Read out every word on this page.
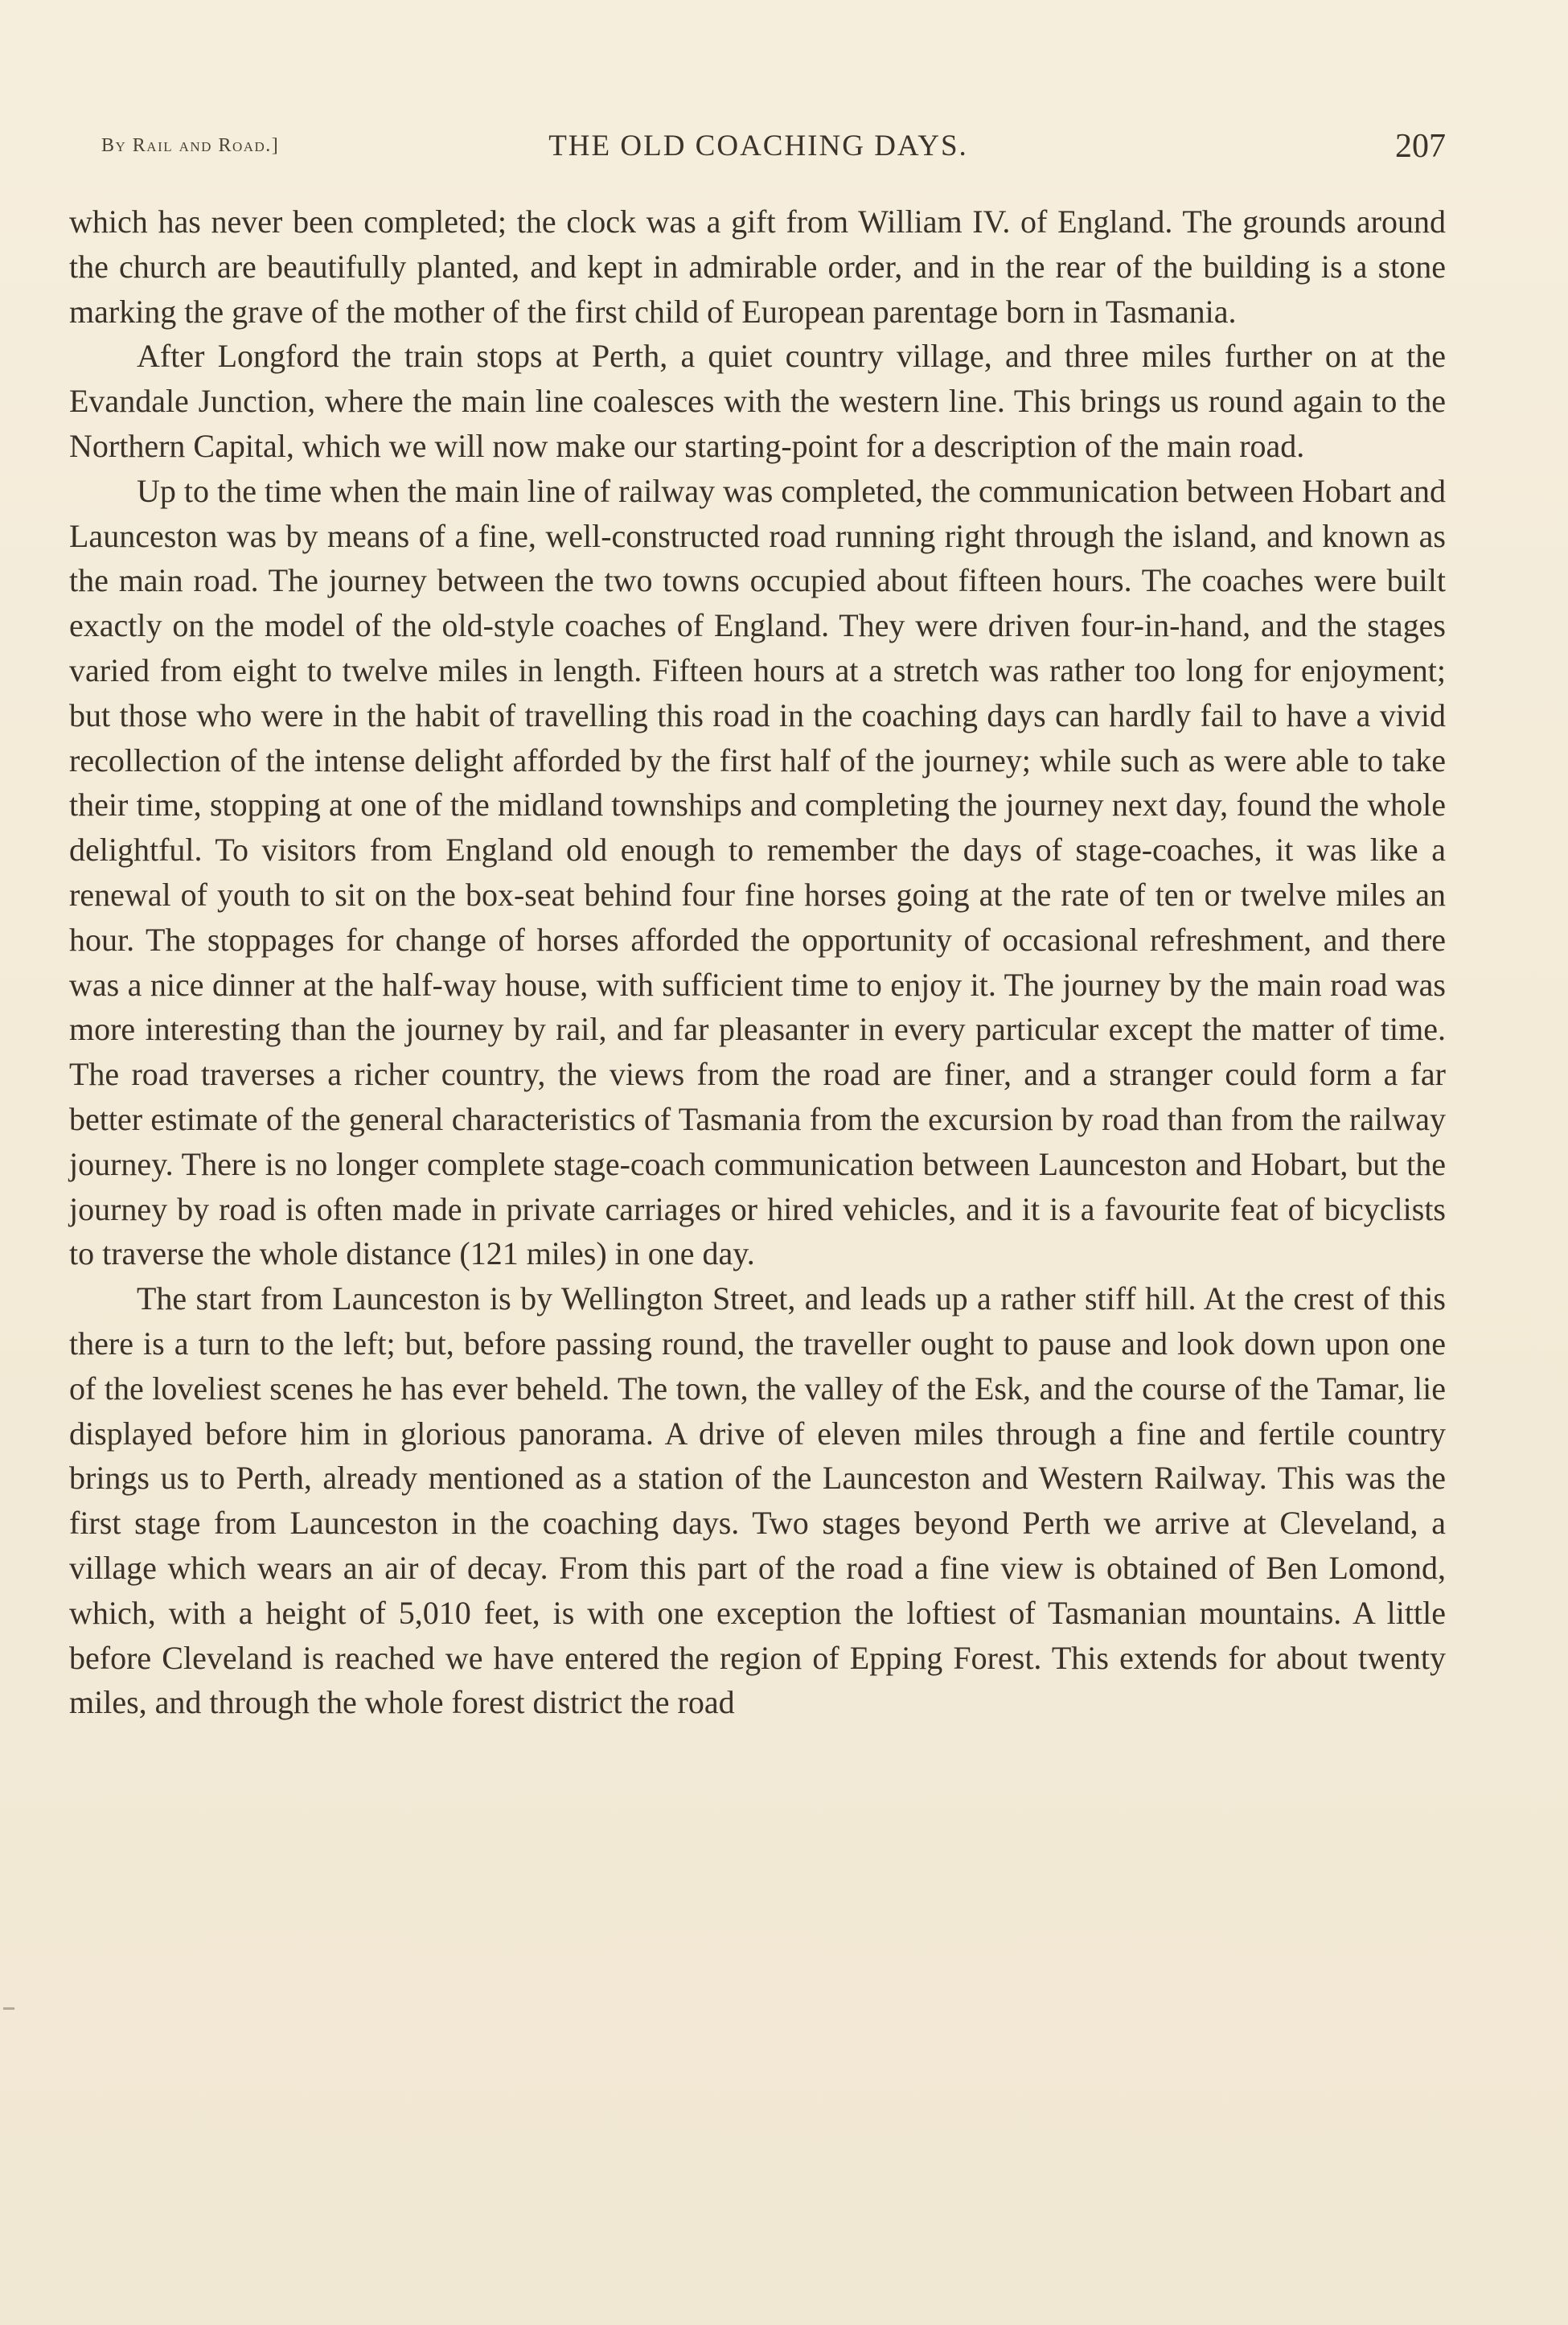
By Rail and Road.]	THE OLD COACHING DAYS.	207

which has never been completed; the clock was a gift from William IV. of England. The grounds around the church are beautifully planted, and kept in admirable order, and in the rear of the building is a stone marking the grave of the mother of the first child of European parentage born in Tasmania.

After Longford the train stops at Perth, a quiet country village, and three miles further on at the Evandale Junction, where the main line coalesces with the western line. This brings us round again to the Northern Capital, which we will now make our starting-point for a description of the main road.

Up to the time when the main line of railway was completed, the communication between Hobart and Launceston was by means of a fine, well-constructed road running right through the island, and known as the main road. The journey between the two towns occupied about fifteen hours. The coaches were built exactly on the model of the old-style coaches of England. They were driven four-in-hand, and the stages varied from eight to twelve miles in length. Fifteen hours at a stretch was rather too long for enjoyment; but those who were in the habit of travelling this road in the coaching days can hardly fail to have a vivid recollection of the intense delight afforded by the first half of the journey; while such as were able to take their time, stopping at one of the midland townships and completing the journey next day, found the whole delightful. To visitors from England old enough to remember the days of stage-coaches, it was like a renewal of youth to sit on the box-seat behind four fine horses going at the rate of ten or twelve miles an hour. The stoppages for change of horses afforded the opportunity of occasional refreshment, and there was a nice dinner at the half-way house, with sufficient time to enjoy it. The journey by the main road was more interesting than the journey by rail, and far pleasanter in every particular except the matter of time. The road traverses a richer country, the views from the road are finer, and a stranger could form a far better estimate of the general characteristics of Tasmania from the excursion by road than from the railway journey. There is no longer complete stage-coach communication between Launceston and Hobart, but the journey by road is often made in private carriages or hired vehicles, and it is a favourite feat of bicyclists to traverse the whole distance (121 miles) in one day.

The start from Launceston is by Wellington Street, and leads up a rather stiff hill. At the crest of this there is a turn to the left; but, before passing round, the traveller ought to pause and look down upon one of the loveliest scenes he has ever beheld. The town, the valley of the Esk, and the course of the Tamar, lie displayed before him in glorious panorama. A drive of eleven miles through a fine and fertile country brings us to Perth, already mentioned as a station of the Launceston and Western Railway. This was the first stage from Launceston in the coaching days. Two stages beyond Perth we arrive at Cleveland, a village which wears an air of decay. From this part of the road a fine view is obtained of Ben Lomond, which, with a height of 5,010 feet, is with one exception the loftiest of Tasmanian mountains. A little before Cleveland is reached we have entered the region of Epping Forest. This extends for about twenty miles, and through the whole forest district the road
